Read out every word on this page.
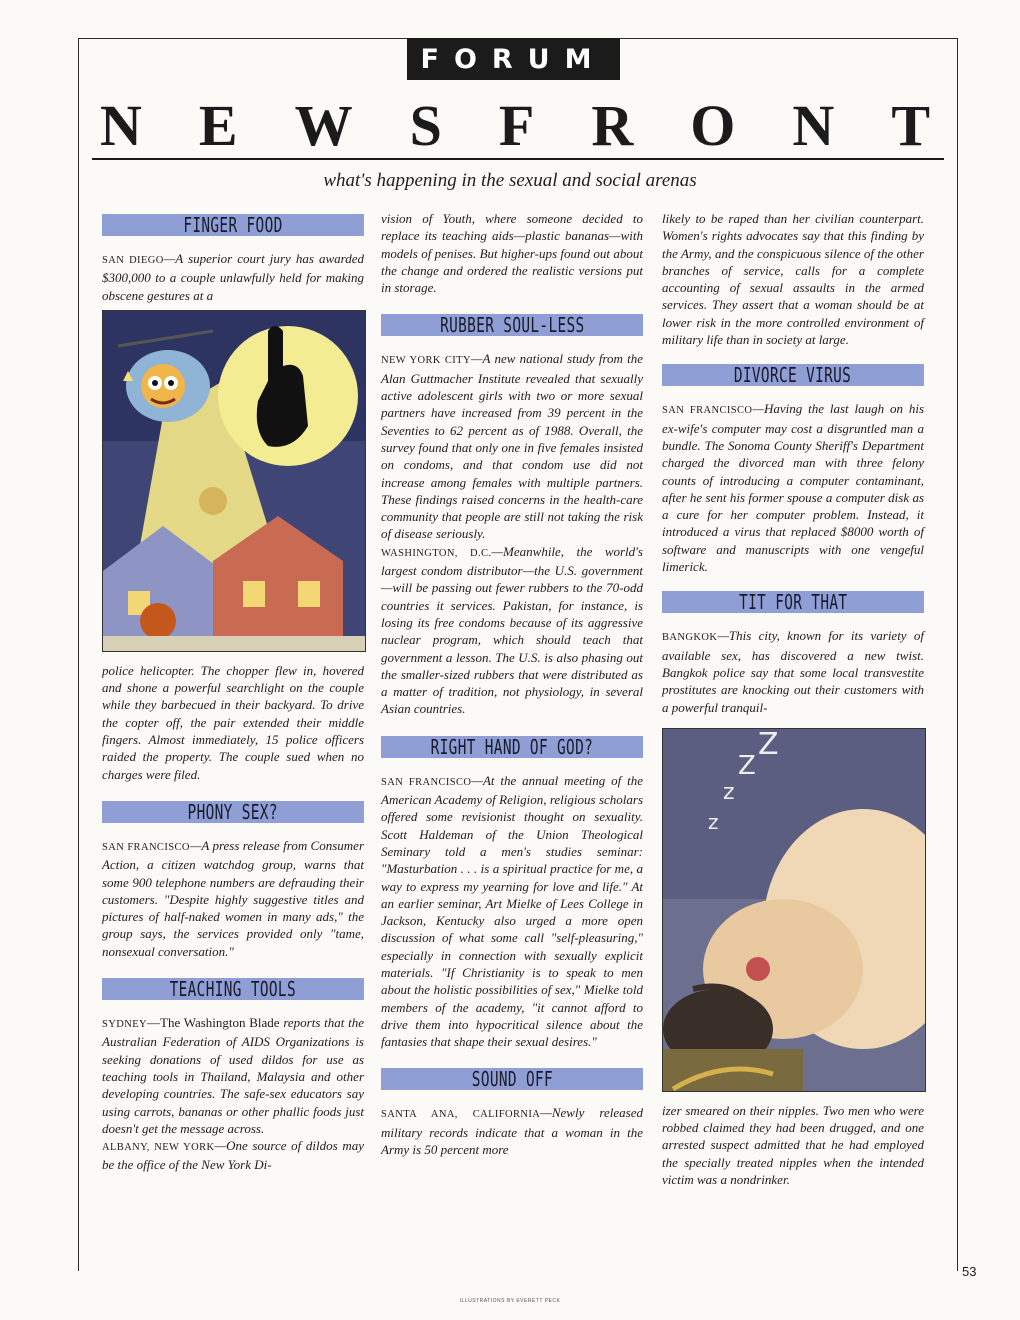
FORUM
N E W S F R O N T
what's happening in the sexual and social arenas
FINGER FOOD

SAN DIEGO—A superior court jury has awarded $300,000 to a couple unlawfully held for making obscene gestures at a

police helicopter. The chopper flew in, hovered and shone a powerful searchlight on the couple while they barbecued in their backyard. To drive the copter off, the pair extended their middle fingers. Almost immediately, 15 police officers raided the property. The couple sued when no charges were filed.

PHONY SEX?

SAN FRANCISCO—A press release from Consumer Action, a citizen watchdog group, warns that some 900 telephone numbers are defrauding their customers. "Despite highly suggestive titles and pictures of half-naked women in many ads," the group says, the services provided only "tame, nonsexual conversation."

TEACHING TOOLS

SYDNEY—The Washington Blade reports that the Australian Federation of AIDS Organizations is seeking donations of used dildos for use as teaching tools in Thailand, Malaysia and other developing countries. The safe-sex educators say using carrots, bananas or other phallic foods just doesn't get the message across.

ALBANY, NEW YORK—One source of dildos may be the office of the New York Di-

vision of Youth, where someone decided to replace its teaching aids—plastic bananas—with models of penises. But higher-ups found out about the change and ordered the realistic versions put in storage.

RUBBER SOUL-LESS

NEW YORK CITY—A new national study from the Alan Guttmacher Institute revealed that sexually active adolescent girls with two or more sexual partners have increased from 39 percent in the Seventies to 62 percent as of 1988. Overall, the survey found that only one in five females insisted on condoms, and that condom use did not increase among females with multiple partners. These findings raised concerns in the health-care community that people are still not taking the risk of disease seriously.

WASHINGTON, D.C.—Meanwhile, the world's largest condom distributor—the U.S. government—will be passing out fewer rubbers to the 70-odd countries it services. Pakistan, for instance, is losing its free condoms because of its aggressive nuclear program, which should teach that government a lesson. The U.S. is also phasing out the smaller-sized rubbers that were distributed as a matter of tradition, not physiology, in several Asian countries.

RIGHT HAND OF GOD?

SAN FRANCISCO—At the annual meeting of the American Academy of Religion, religious scholars offered some revisionist thought on sexuality. Scott Haldeman of the Union Theological Seminary told a men's studies seminar: "Masturbation . . . is a spiritual practice for me, a way to express my yearning for love and life." At an earlier seminar, Art Mielke of Lees College in Jackson, Kentucky also urged a more open discussion of what some call "self-pleasuring," especially in connection with sexually explicit materials. "If Christianity is to speak to men about the holistic possibilities of sex," Mielke told members of the academy, "it cannot afford to drive them into hypocritical silence about the fantasies that shape their sexual desires."

SOUND OFF

SANTA ANA, CALIFORNIA—Newly released military records indicate that a woman in the Army is 50 percent more

likely to be raped than her civilian counterpart. Women's rights advocates say that this finding by the Army, and the conspicuous silence of the other branches of service, calls for a complete accounting of sexual assaults in the armed services. They assert that a woman should be at lower risk in the more controlled environment of military life than in society at large.

DIVORCE VIRUS

SAN FRANCISCO—Having the last laugh on his ex-wife's computer may cost a disgruntled man a bundle. The Sonoma County Sheriff's Department charged the divorced man with three felony counts of introducing a computer contaminant, after he sent his former spouse a computer disk as a cure for her computer problem. Instead, it introduced a virus that replaced $8000 worth of software and manuscripts with one vengeful limerick.

TIT FOR THAT

BANGKOK—This city, known for its variety of available sex, has discovered a new twist. Bangkok police say that some local transvestite prostitutes are knocking out their customers with a powerful tranquil-

z
Z
Z
z

izer smeared on their nipples. Two men who were robbed claimed they had been drugged, and one arrested suspect admitted that he had employed the specially treated nipples when the intended victim was a nondrinker.

53
ILLUSTRATIONS BY EVERETT PECK
